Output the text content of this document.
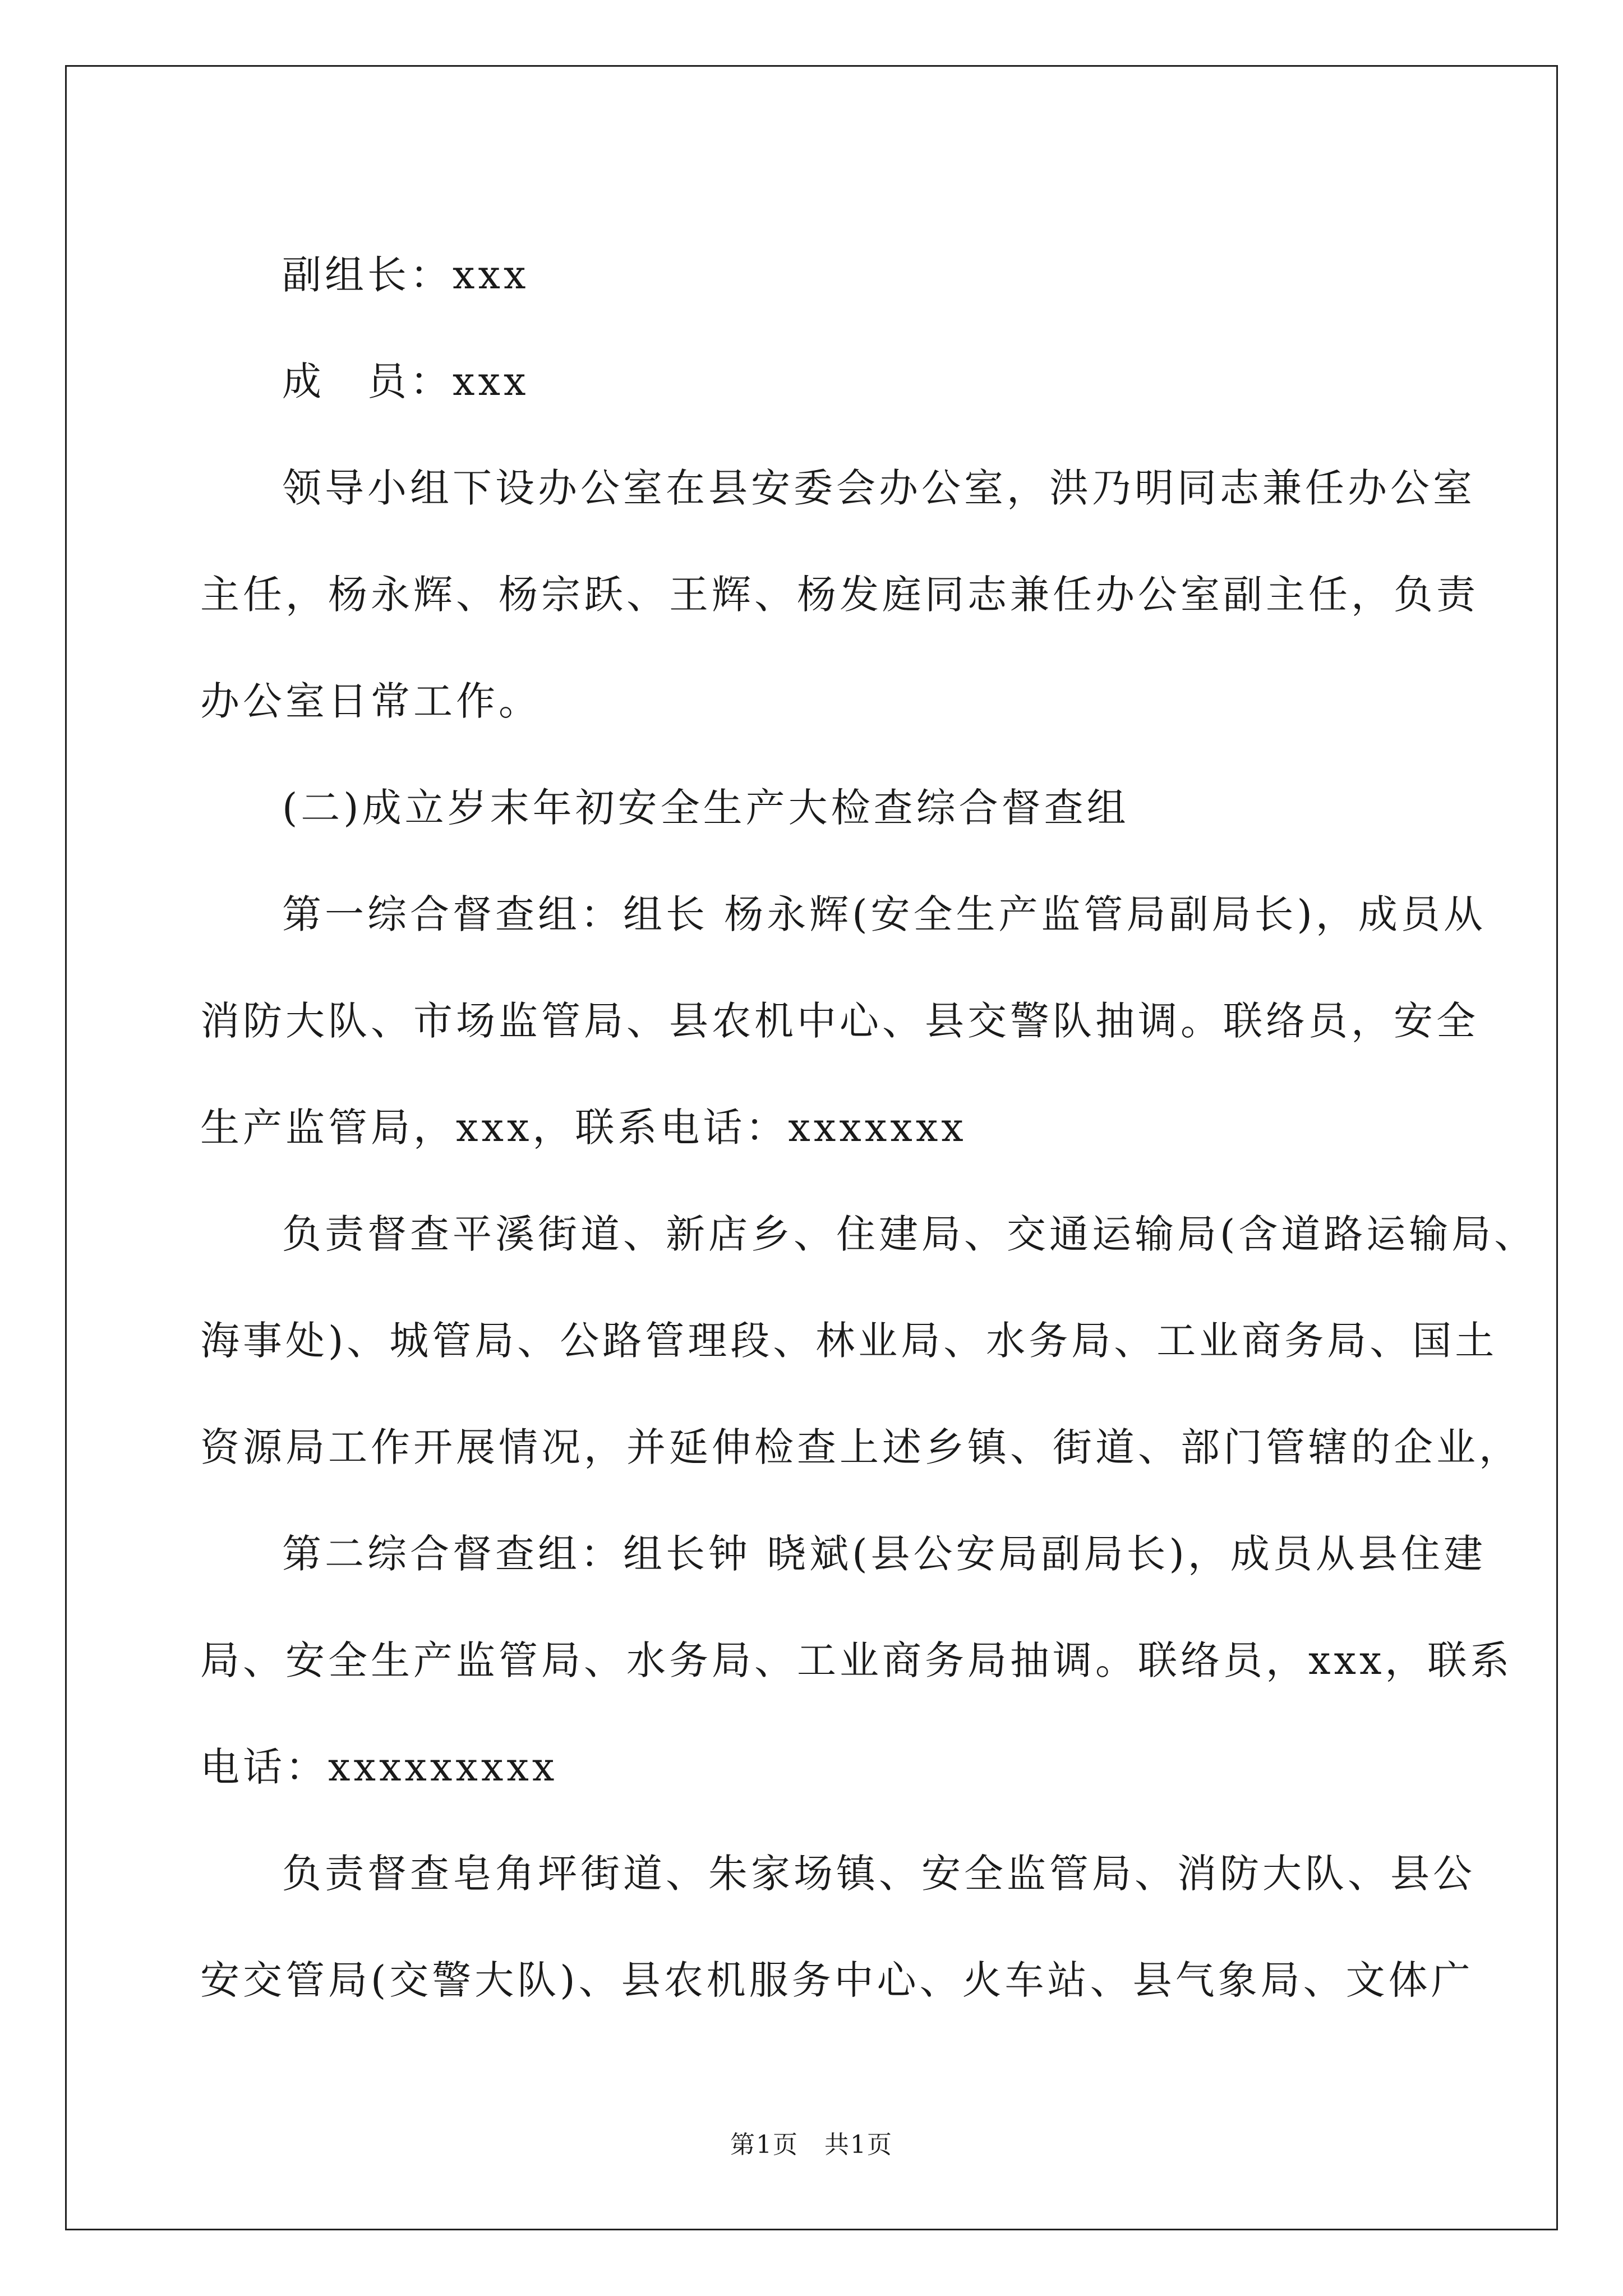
副组长：xxx

成　员：xxx

领导小组下设办公室在县安委会办公室，洪乃明同志兼任办公室
主任，杨永辉、杨宗跃、王辉、杨发庭同志兼任办公室副主任，负责
办公室日常工作。

(二)成立岁末年初安全生产大检查综合督查组

第一综合督查组：组长 杨永辉(安全生产监管局副局长)，成员从
消防大队、市场监管局、县农机中心、县交警队抽调。联络员，安全
生产监管局，xxx，联系电话：xxxxxxx

负责督查平溪街道、新店乡、住建局、交通运输局(含道路运输局、
海事处)、城管局、公路管理段、林业局、水务局、工业商务局、国土
资源局工作开展情况，并延伸检查上述乡镇、街道、部门管辖的企业，

第二综合督查组：组长钟 晓斌(县公安局副局长)，成员从县住建
局、安全生产监管局、水务局、工业商务局抽调。联络员，xxx，联系
电话：xxxxxxxxx

负责督查皂角坪街道、朱家场镇、安全监管局、消防大队、县公
安交管局(交警大队)、县农机服务中心、火车站、县气象局、文体广

第1页　共1页
